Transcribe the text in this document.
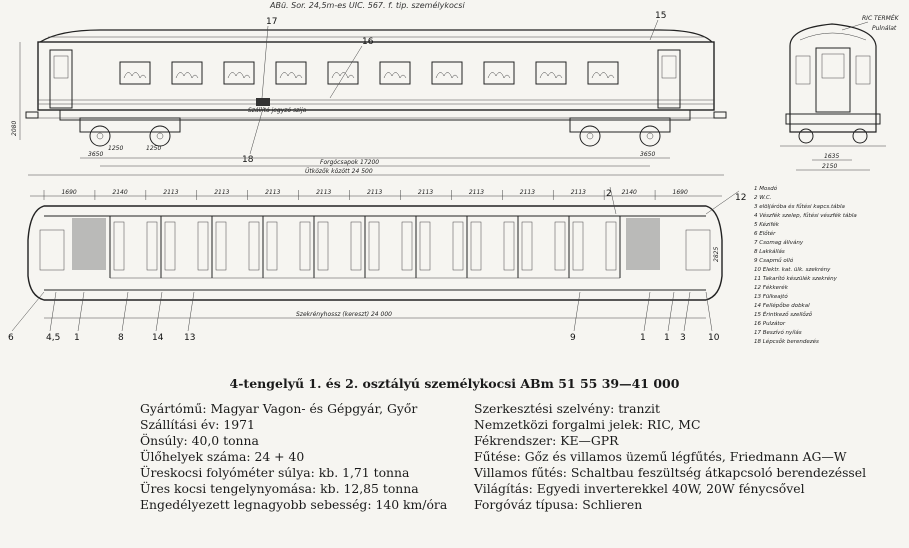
ABü. Sor. 24,5m-es UIC. 567. f. tip. személykocsi
Szállító jegyzó szija
2080
15
17
16
18
3650	3650
1250	1250
Forgócsapok 17200
Ütközők között 24 500
1635
2150
RIC TERMÉK
Pulnálat
1690	2140	2113	2113	2113	2113	2113	2113	2113	2113	2113	2140	1690
Szekrényhossz (kereszt) 24 000
2825
12
10
6	4,5 1	8	14 13
2
1 1 3
9
1 Mosdó
2 W.C.
3 elöljáróba és fűtési kapcs.tábla
4 Vészfék szelep, fűtési vészfék tábla
5 Kézifék
6 Előtér
7 Csomag állvány
8 Lakkállás
9 Csapmű olló
10 Elektr. kat. ülk. szekrény
11 Takarító készülék szekrény
12 Fékkerék
13 Fülkeajtó
14 Fellépőbe dobkal
15 Érintkező szellőző
16 Pulzátor
17 Beszívó nyílás
18 Lépcsők berendezés
4-tengelyű 1. és 2. osztályú személykocsi ABm 51 55 39—41 000
Gyártómű: Magyar Vagon- és Gépgyár, Győr
Szállítási év: 1971
Önsúly: 40,0 tonna
Ülőhelyek száma: 24 + 40
Üreskocsi folyóméter súlya: kb. 1,71 tonna
Üres kocsi tengelynyomása: kb. 12,85 tonna
Engedélyezett legnagyobb sebesség: 140 km/óra
Szerkesztési szelvény: tranzit
Nemzetközi forgalmi jelek: RIC, MC
Fékrendszer: KE—GPR
Fűtése: Gőz és villamos üzemű légfűtés, Friedmann AG—W
Villamos fűtés: Schaltbau feszültség átkapcsoló berendezéssel
Világítás: Egyedi inverterekkel 40W, 20W fénycsővel
Forgóváz típusa: Schlieren
